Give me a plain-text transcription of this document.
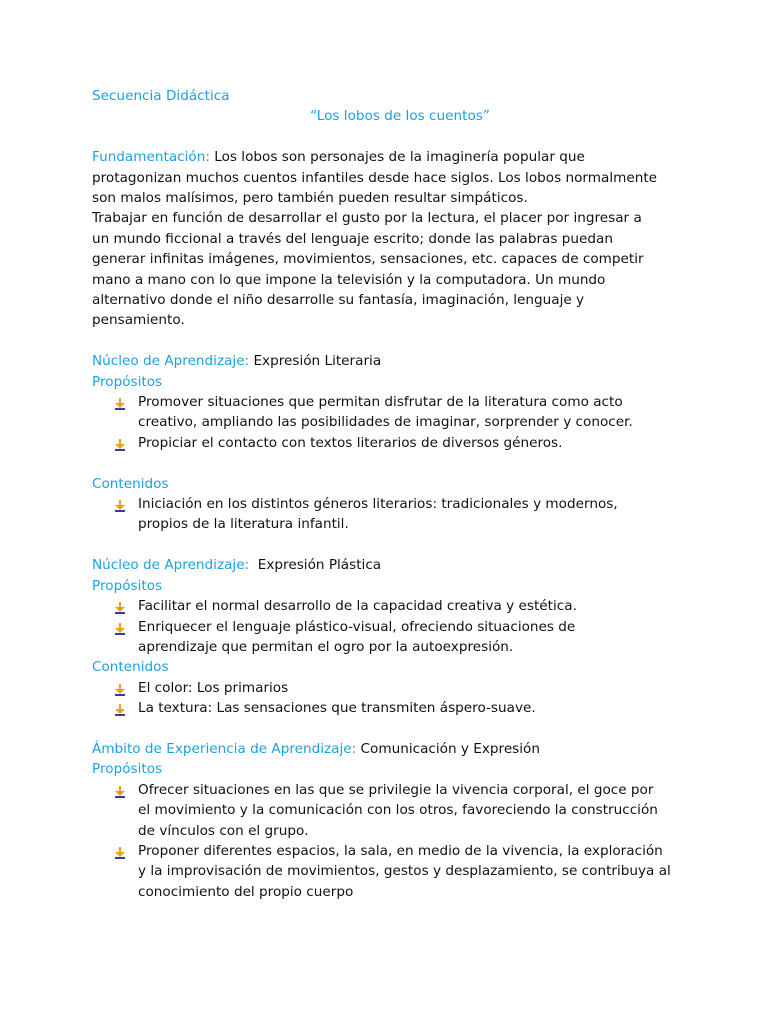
Secuencia Didáctica

“Los lobos de los cuentos”

Fundamentación: Los lobos son personajes de la imaginería popular que

protagonizan muchos cuentos infantiles desde hace siglos. Los lobos normalmente

son malos malísimos, pero también pueden resultar simpáticos.

Trabajar en función de desarrollar el gusto por la lectura, el placer por ingresar a

un mundo ficcional a través del lenguaje escrito; donde las palabras puedan

generar infinitas imágenes, movimientos, sensaciones, etc. capaces de competir

mano a mano con lo que impone la televisión y la computadora. Un mundo

alternativo donde el niño desarrolle su fantasía, imaginación, lenguaje y

pensamiento.

Núcleo de Aprendizaje: Expresión Literaria

Propósitos

Promover situaciones que permitan disfrutar de la literatura como acto
creativo, ampliando las posibilidades de imaginar, sorprender y conocer.
Propiciar el contacto con textos literarios de diversos géneros.

Contenidos

Iniciación en los distintos géneros literarios: tradicionales y modernos,
propios de la literatura infantil.

Núcleo de Aprendizaje: Expresión Plástica

Propósitos

Facilitar el normal desarrollo de la capacidad creativa y estética.
Enriquecer el lenguaje plástico-visual, ofreciendo situaciones de
aprendizaje que permitan el ogro por la autoexpresión.

Contenidos

El color: Los primarios
La textura: Las sensaciones que transmiten áspero-suave.

Ámbito de Experiencia de Aprendizaje: Comunicación y Expresión

Propósitos

Ofrecer situaciones en las que se privilegie la vivencia corporal, el goce por
el movimiento y la comunicación con los otros, favoreciendo la construcción
de vínculos con el grupo.
Proponer diferentes espacios, la sala, en medio de la vivencia, la exploración
y la improvisación de movimientos, gestos y desplazamiento, se contribuya al
conocimiento del propio cuerpo
